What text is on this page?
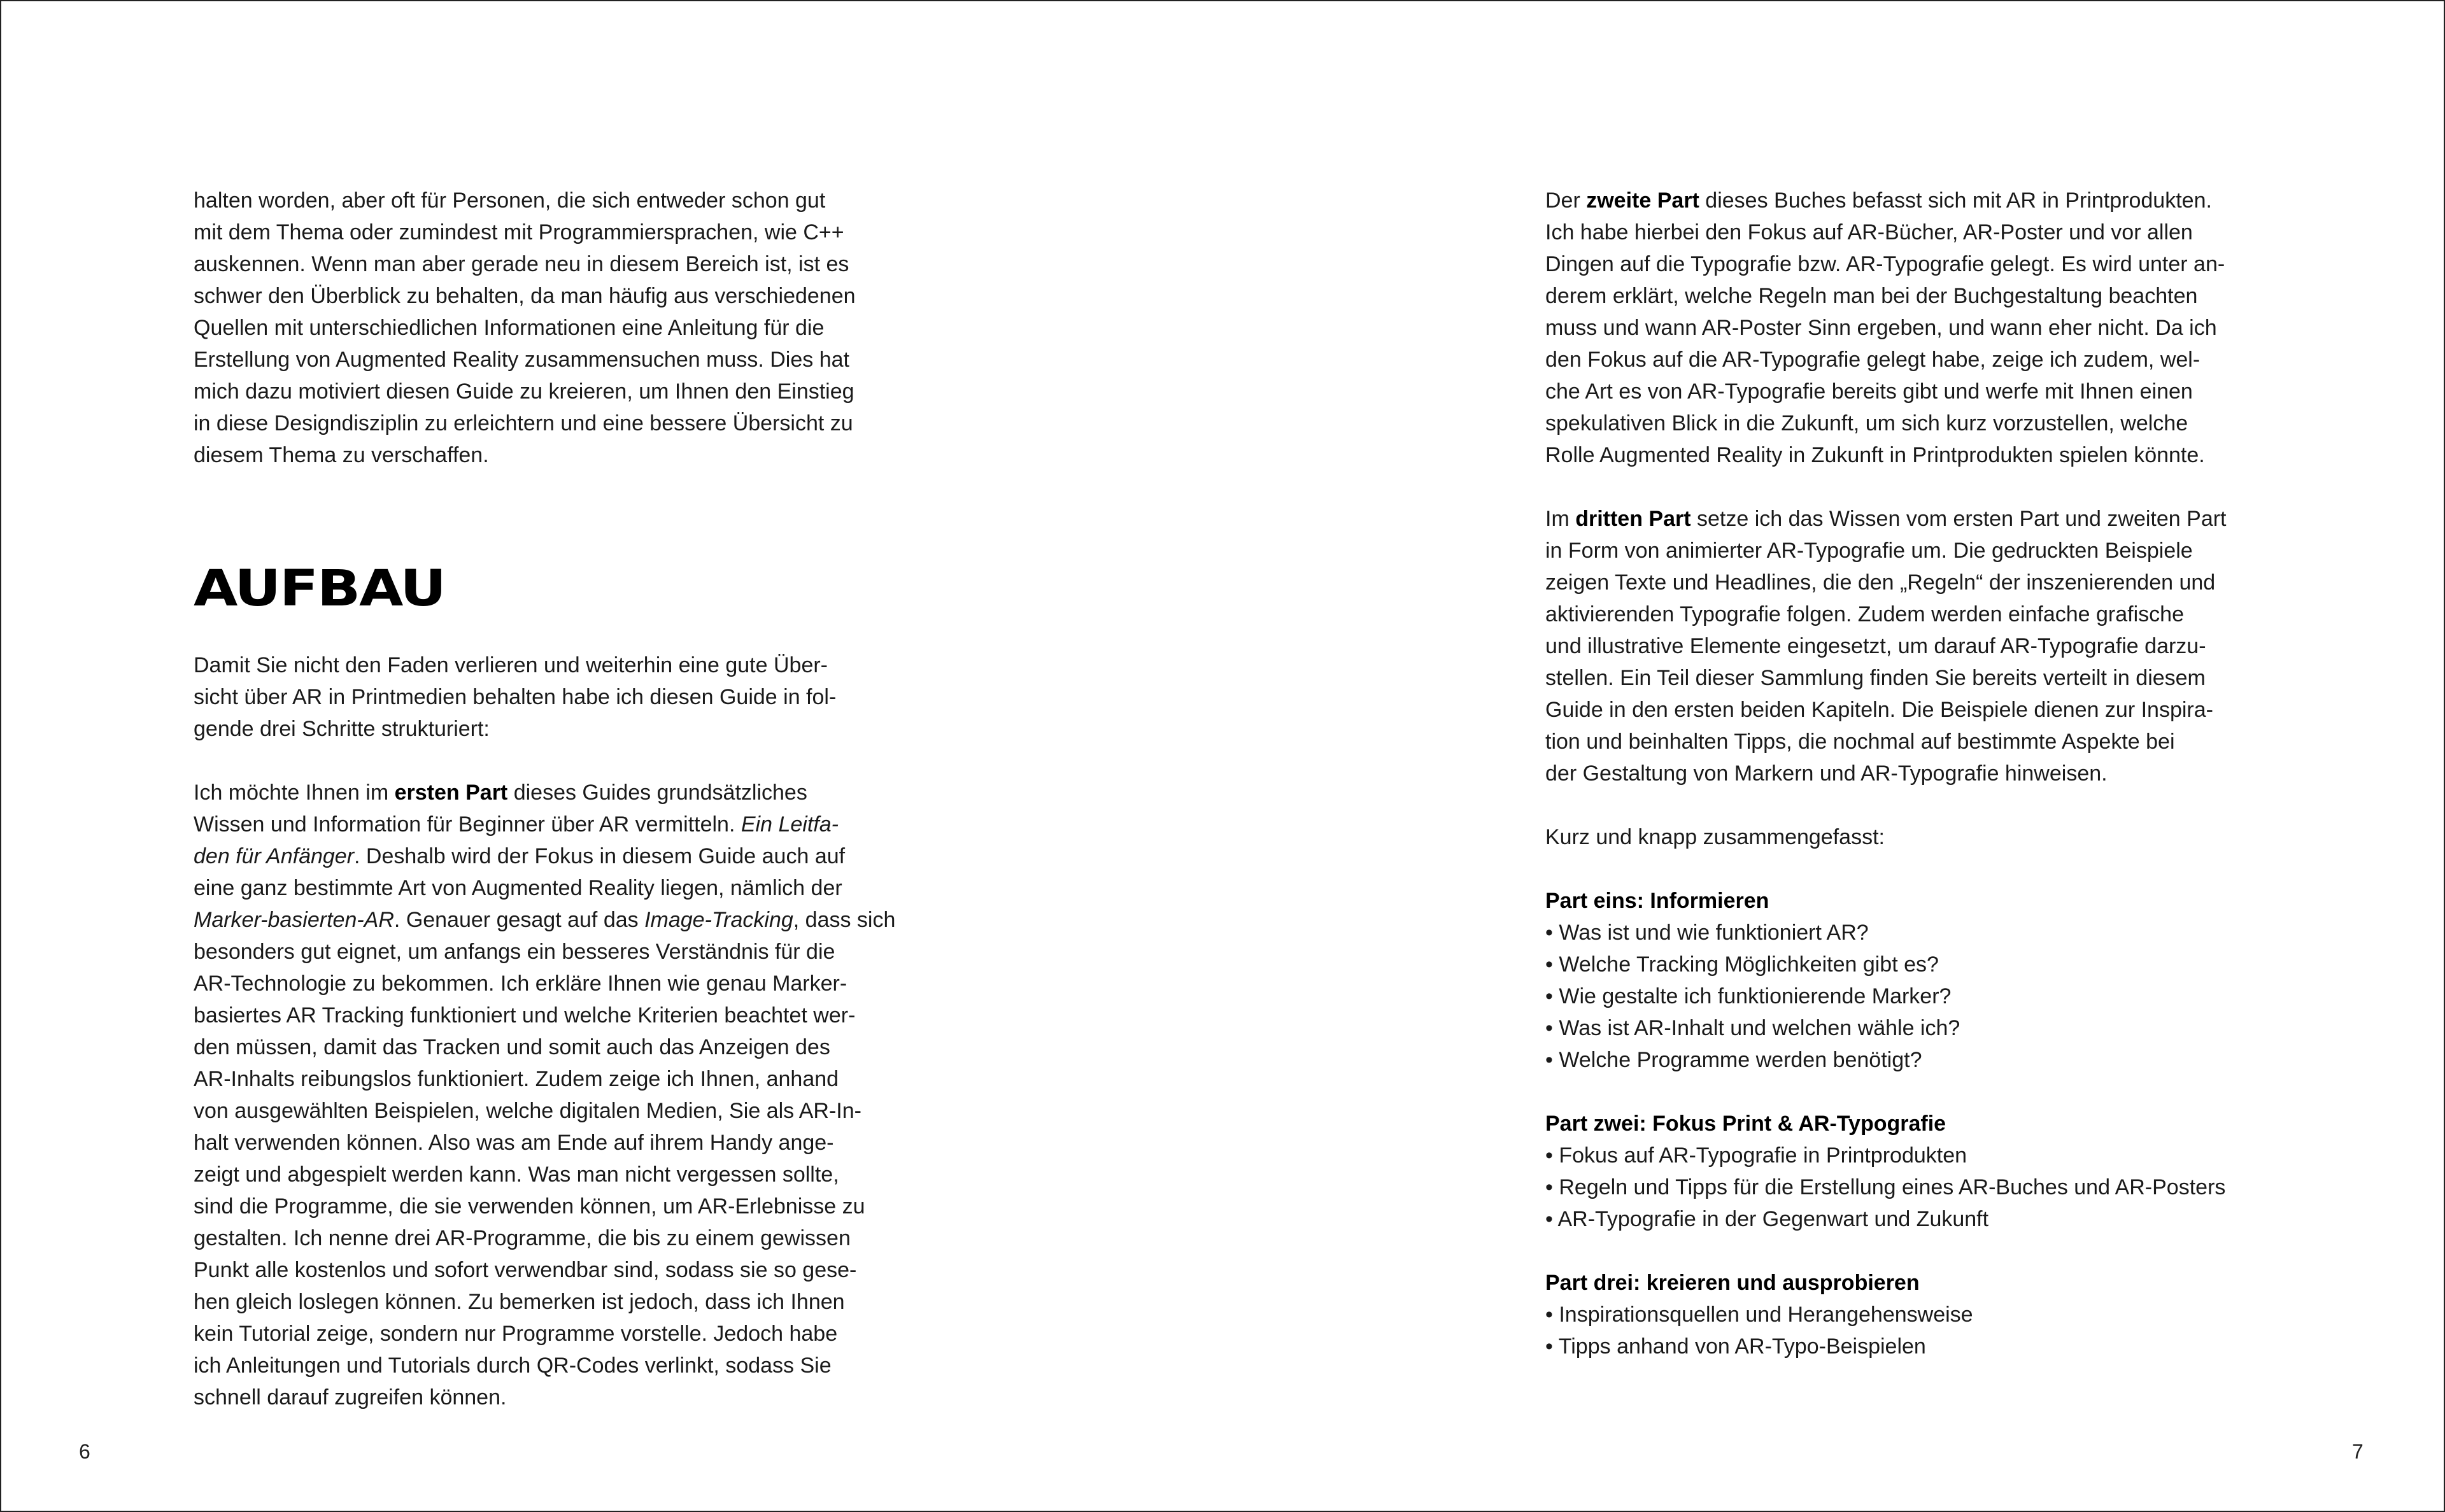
halten worden, aber oft für Personen, die sich entweder schon gut

mit dem Thema oder zumindest mit Programmiersprachen, wie C++

auskennen. Wenn man aber gerade neu in diesem Bereich ist, ist es

schwer den Überblick zu behalten, da man häufig aus verschiedenen

Quellen mit unterschiedlichen Informationen eine Anleitung für die

Erstellung von Augmented Reality zusammensuchen muss. Dies hat

mich dazu motiviert diesen Guide zu kreieren, um Ihnen den Einstieg

in diese Designdisziplin zu erleichtern und eine bessere Übersicht zu

diesem Thema zu verschaffen.

AUFBAU

Damit Sie nicht den Faden verlieren und weiterhin eine gute Über-

sicht über AR in Printmedien behalten habe ich diesen Guide in fol-

gende drei Schritte strukturiert:

Ich möchte Ihnen im ersten Part dieses Guides grundsätzliches

Wissen und Information für Beginner über AR vermitteln. Ein Leitfa-

den für Anfänger. Deshalb wird der Fokus in diesem Guide auch auf

eine ganz bestimmte Art von Augmented Reality liegen, nämlich der

Marker-basierten-AR. Genauer gesagt auf das Image-Tracking, dass sich

besonders gut eignet, um anfangs ein besseres Verständnis für die

AR-Technologie zu bekommen. Ich erkläre Ihnen wie genau Marker-

basiertes AR Tracking funktioniert und welche Kriterien beachtet wer-

den müssen, damit das Tracken und somit auch das Anzeigen des

AR-Inhalts reibungslos funktioniert. Zudem zeige ich Ihnen, anhand

von ausgewählten Beispielen, welche digitalen Medien, Sie als AR-In-

halt verwenden können. Also was am Ende auf ihrem Handy ange-

zeigt und abgespielt werden kann. Was man nicht vergessen sollte,

sind die Programme, die sie verwenden können, um AR-Erlebnisse zu

gestalten. Ich nenne drei AR-Programme, die bis zu einem gewissen

Punkt alle kostenlos und sofort verwendbar sind, sodass sie so gese-

hen gleich loslegen können. Zu bemerken ist jedoch, dass ich Ihnen

kein Tutorial zeige, sondern nur Programme vorstelle. Jedoch habe

ich Anleitungen und Tutorials durch QR-Codes verlinkt, sodass Sie

schnell darauf zugreifen können.

Der zweite Part dieses Buches befasst sich mit AR in Printprodukten.

Ich habe hierbei den Fokus auf AR-Bücher, AR-Poster und vor allen

Dingen auf die Typografie bzw. AR-Typografie gelegt. Es wird unter an-

derem erklärt, welche Regeln man bei der Buchgestaltung beachten

muss und wann AR-Poster Sinn ergeben, und wann eher nicht. Da ich

den Fokus auf die AR-Typografie gelegt habe, zeige ich zudem, wel-

che Art es von AR-Typografie bereits gibt und werfe mit Ihnen einen

spekulativen Blick in die Zukunft, um sich kurz vorzustellen, welche

Rolle Augmented Reality in Zukunft in Printprodukten spielen könnte.

Im dritten Part setze ich das Wissen vom ersten Part und zweiten Part

in Form von animierter AR-Typografie um. Die gedruckten Beispiele

zeigen Texte und Headlines, die den „Regeln“ der inszenierenden und

aktivierenden Typografie folgen. Zudem werden einfache grafische

und illustrative Elemente eingesetzt, um darauf AR-Typografie darzu-

stellen. Ein Teil dieser Sammlung finden Sie bereits verteilt in diesem

Guide in den ersten beiden Kapiteln. Die Beispiele dienen zur Inspira-

tion und beinhalten Tipps, die nochmal auf bestimmte Aspekte bei

der Gestaltung von Markern und AR-Typografie hinweisen.

Kurz und knapp zusammengefasst:

Part eins: Informieren

• Was ist und wie funktioniert AR?
• Welche Tracking Möglichkeiten gibt es?
• Wie gestalte ich funktionierende Marker?
• Was ist AR-Inhalt und welchen wähle ich?
• Welche Programme werden benötigt?

Part zwei: Fokus Print & AR-Typografie

• Fokus auf AR-Typografie in Printprodukten
• Regeln und Tipps für die Erstellung eines AR-Buches und AR-Posters
• AR-Typografie in der Gegenwart und Zukunft

Part drei: kreieren und ausprobieren

• Inspirationsquellen und Herangehensweise
• Tipps anhand von AR-Typo-Beispielen
6	7
